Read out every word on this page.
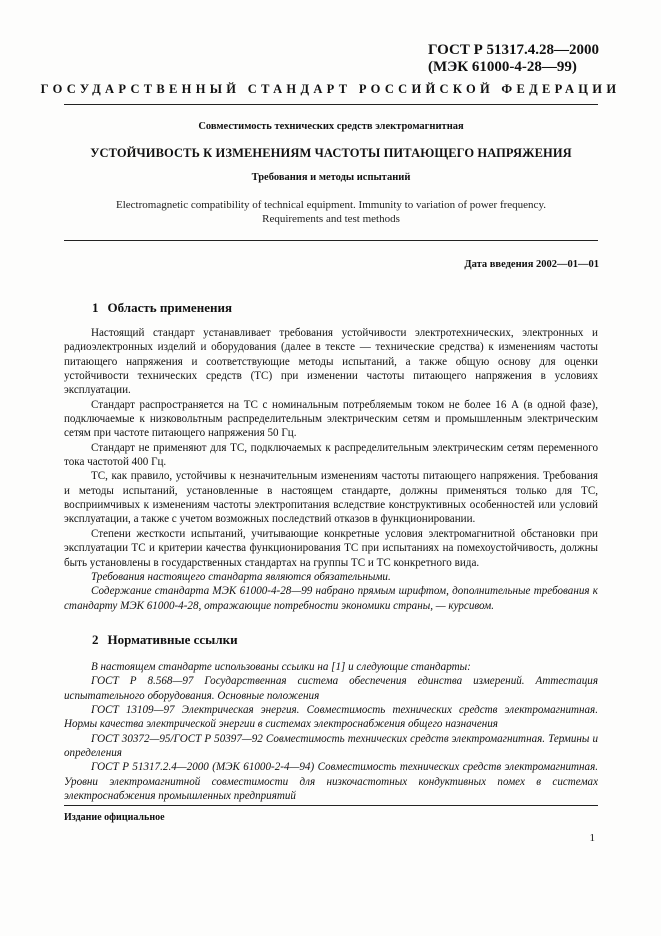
ГОСТ Р 51317.4.28—2000
(МЭК 61000-4-28—99)
ГОСУДАРСТВЕННЫЙ СТАНДАРТ РОССИЙСКОЙ ФЕДЕРАЦИИ
Совместимость технических средств электромагнитная
УСТОЙЧИВОСТЬ К ИЗМЕНЕНИЯМ ЧАСТОТЫ ПИТАЮЩЕГО НАПРЯЖЕНИЯ
Требования и методы испытаний
Electromagnetic compatibility of technical equipment. Immunity to variation of power frequency.
Requirements and test methods
Дата введения 2002—01—01
1 Область применения

Настоящий стандарт устанавливает требования устойчивости электротехнических, электронных и радиоэлектронных изделий и оборудования (далее в тексте — технические средства) к изменениям частоты питающего напряжения и соответствующие методы испытаний, а также общую основу для оценки устойчивости технических средств (ТС) при изменении частоты питающего напряжения в условиях эксплуатации.

Стандарт распространяется на ТС с номинальным потребляемым током не более 16 А (в одной фазе), подключаемые к низковольтным распределительным электрическим сетям и промышленным электрическим сетям при частоте питающего напряжения 50 Гц.

Стандарт не применяют для ТС, подключаемых к распределительным электрическим сетям переменного тока частотой 400 Гц.

ТС, как правило, устойчивы к незначительным изменениям частоты питающего напряжения. Требования и методы испытаний, установленные в настоящем стандарте, должны применяться только для ТС, восприимчивых к изменениям частоты электропитания вследствие конструктивных особенностей или условий эксплуатации, а также с учетом возможных последствий отказов в функционировании.

Степени жесткости испытаний, учитывающие конкретные условия электромагнитной обстановки при эксплуатации ТС и критерии качества функционирования ТС при испытаниях на помехоустойчивость, должны быть установлены в государственных стандартах на группы ТС и ТС конкретного вида.

Требования настоящего стандарта являются обязательными.

Содержание стандарта МЭК 61000-4-28—99 набрано прямым шрифтом, дополнительные требования к стандарту МЭК 61000-4-28, отражающие потребности экономики страны, — курсивом.

2 Нормативные ссылки

В настоящем стандарте использованы ссылки на [1] и следующие стандарты:

ГОСТ Р 8.568—97 Государственная система обеспечения единства измерений. Аттестация испытательного оборудования. Основные положения

ГОСТ 13109—97 Электрическая энергия. Совместимость технических средств электромагнитная. Нормы качества электрической энергии в системах электроснабжения общего назначения

ГОСТ 30372—95/ГОСТ Р 50397—92 Совместимость технических средств электромагнитная. Термины и определения

ГОСТ Р 51317.2.4—2000 (МЭК 61000-2-4—94) Совместимость технических средств электромагнитная. Уровни электромагнитной совместимости для низкочастотных кондуктивных помех в системах электроснабжения промышленных предприятий

Издание официальное
1
